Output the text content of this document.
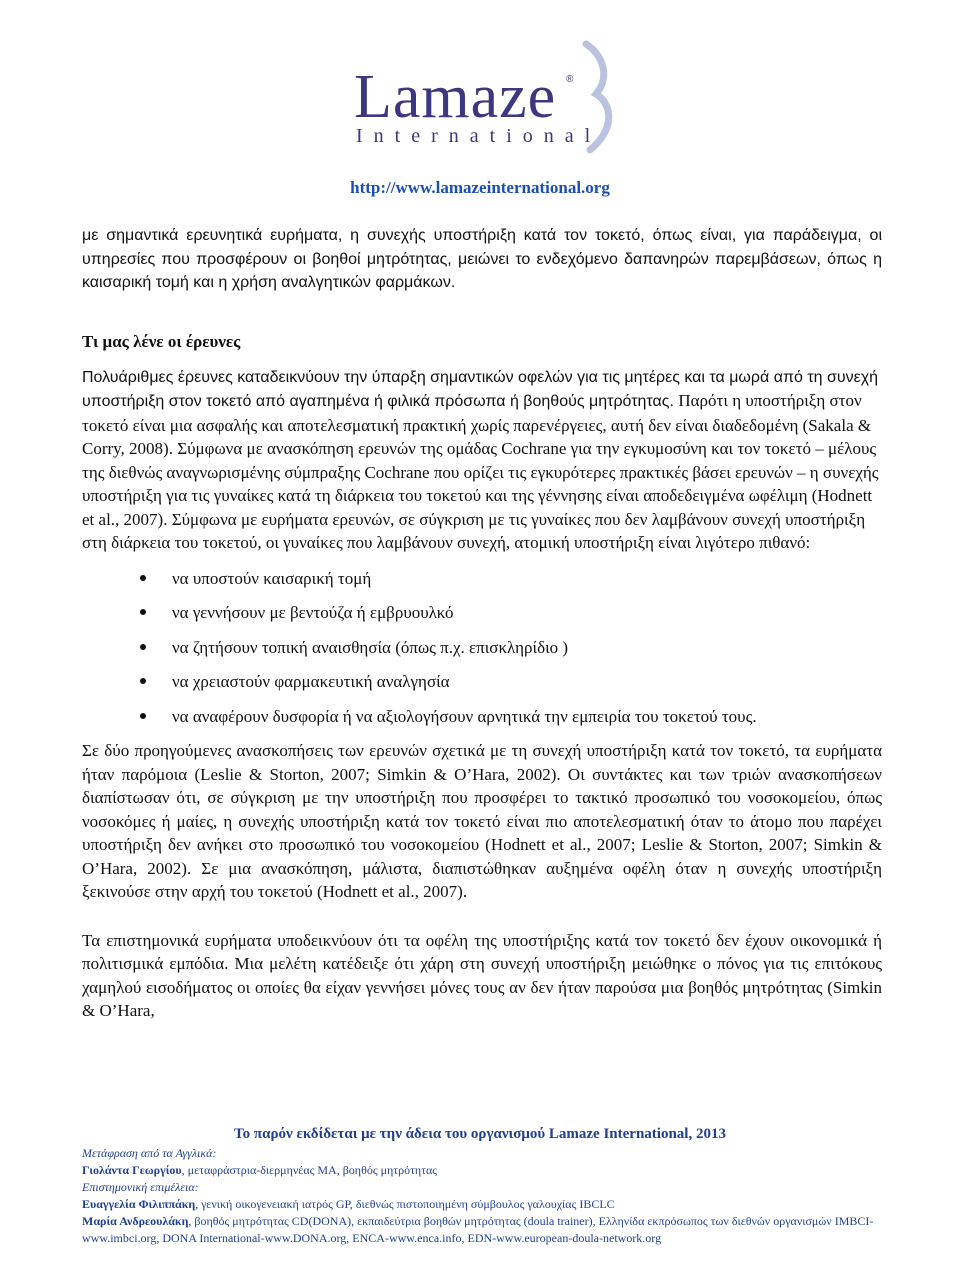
Lamaze ®
International
http://www.lamazeinternational.org

με σημαντικά ερευνητικά ευρήματα, η συνεχής υποστήριξη κατά τον τοκετό, όπως είναι, για παράδειγμα, οι υπηρεσίες που προσφέρουν οι βοηθοί μητρότητας, μειώνει το ενδεχόμενο δαπανηρών παρεμβάσεων, όπως η καισαρική τομή και η χρήση αναλγητικών φαρμάκων.

Τι μας λένε οι έρευνες

Πολυάριθμες έρευνες καταδεικνύουν την ύπαρξη σημαντικών οφελών για τις μητέρες και τα μωρά από τη συνεχή υποστήριξη στον τοκετό από αγαπημένα ή φιλικά πρόσωπα ή βοηθούς μητρότητας. Παρότι η υποστήριξη στον τοκετό είναι μια ασφαλής και αποτελεσματική πρακτική χωρίς παρενέργειες, αυτή δεν είναι διαδεδομένη (Sakala & Corry, 2008). Σύμφωνα με ανασκόπηση ερευνών της ομάδας Cochrane για την εγκυμοσύνη και τον τοκετό – μέλους της διεθνώς αναγνωρισμένης σύμπραξης Cochrane που ορίζει τις εγκυρότερες πρακτικές βάσει ερευνών – η συνεχής υποστήριξη για τις γυναίκες κατά τη διάρκεια του τοκετού και της γέννησης είναι αποδεδειγμένα ωφέλιμη (Hodnett et al., 2007). Σύμφωνα με ευρήματα ερευνών, σε σύγκριση με τις γυναίκες που δεν λαμβάνουν συνεχή υποστήριξη στη διάρκεια του τοκετού, οι γυναίκες που λαμβάνουν συνεχή, ατομική υποστήριξη είναι λιγότερο πιθανό:

να υποστούν καισαρική τομή
να γεννήσουν με βεντούζα ή εμβρυουλκό
να ζητήσουν τοπική αναισθησία (όπως π.χ. επισκληρίδιο )
να χρειαστούν φαρμακευτική αναλγησία
να αναφέρουν δυσφορία ή να αξιολογήσουν αρνητικά την εμπειρία του τοκετού τους.

Σε δύο προηγούμενες ανασκοπήσεις των ερευνών σχετικά με τη συνεχή υποστήριξη κατά τον τοκετό, τα ευρήματα ήταν παρόμοια (Leslie & Storton, 2007; Simkin & O’Hara, 2002). Οι συντάκτες και των τριών ανασκοπήσεων διαπίστωσαν ότι, σε σύγκριση με την υποστήριξη που προσφέρει το τακτικό προσωπικό του νοσοκομείου, όπως νοσοκόμες ή μαίες, η συνεχής υποστήριξη κατά τον τοκετό είναι πιο αποτελεσματική όταν το άτομο που παρέχει υποστήριξη δεν ανήκει στο προσωπικό του νοσοκομείου (Hodnett et al., 2007; Leslie & Storton, 2007; Simkin & O’Hara, 2002). Σε μια ανασκόπηση, μάλιστα, διαπιστώθηκαν αυξημένα οφέλη όταν η συνεχής υποστήριξη ξεκινούσε στην αρχή του τοκετού (Hodnett et al., 2007).

Τα επιστημονικά ευρήματα υποδεικνύουν ότι τα οφέλη της υποστήριξης κατά τον τοκετό δεν έχουν οικονομικά ή πολιτισμικά εμπόδια. Μια μελέτη κατέδειξε ότι χάρη στη συνεχή υποστήριξη μειώθηκε ο πόνος για τις επιτόκους χαμηλού εισοδήματος οι οποίες θα είχαν γεννήσει μόνες τους αν δεν ήταν παρούσα μια βοηθός μητρότητας (Simkin & O’Hara,

Το παρόν εκδίδεται με την άδεια του οργανισμού Lamaze International, 2013
Μετάφραση από τα Αγγλικά:
Γιολάντα Γεωργίου, μεταφράστρια-διερμηνέας ΜΑ, βοηθός μητρότητας
Επιστημονική επιμέλεια:
Ευαγγελία Φιλιππάκη, γενική οικογενειακή ιατρός GP, διεθνώς πιστοποιημένη σύμβουλος γαλουχίας IBCLC
Μαρία Ανδρεουλάκη, βοηθός μητρότητας CD(DONA), εκπαιδεύτρια βοηθών μητρότητας (doula trainer), Ελληνίδα εκπρόσωπος των διεθνών οργανισμών IMBCI-www.imbci.org, DONA International-www.DONA.org, ENCA-www.enca.info, EDN-www.european-doula-network.org
